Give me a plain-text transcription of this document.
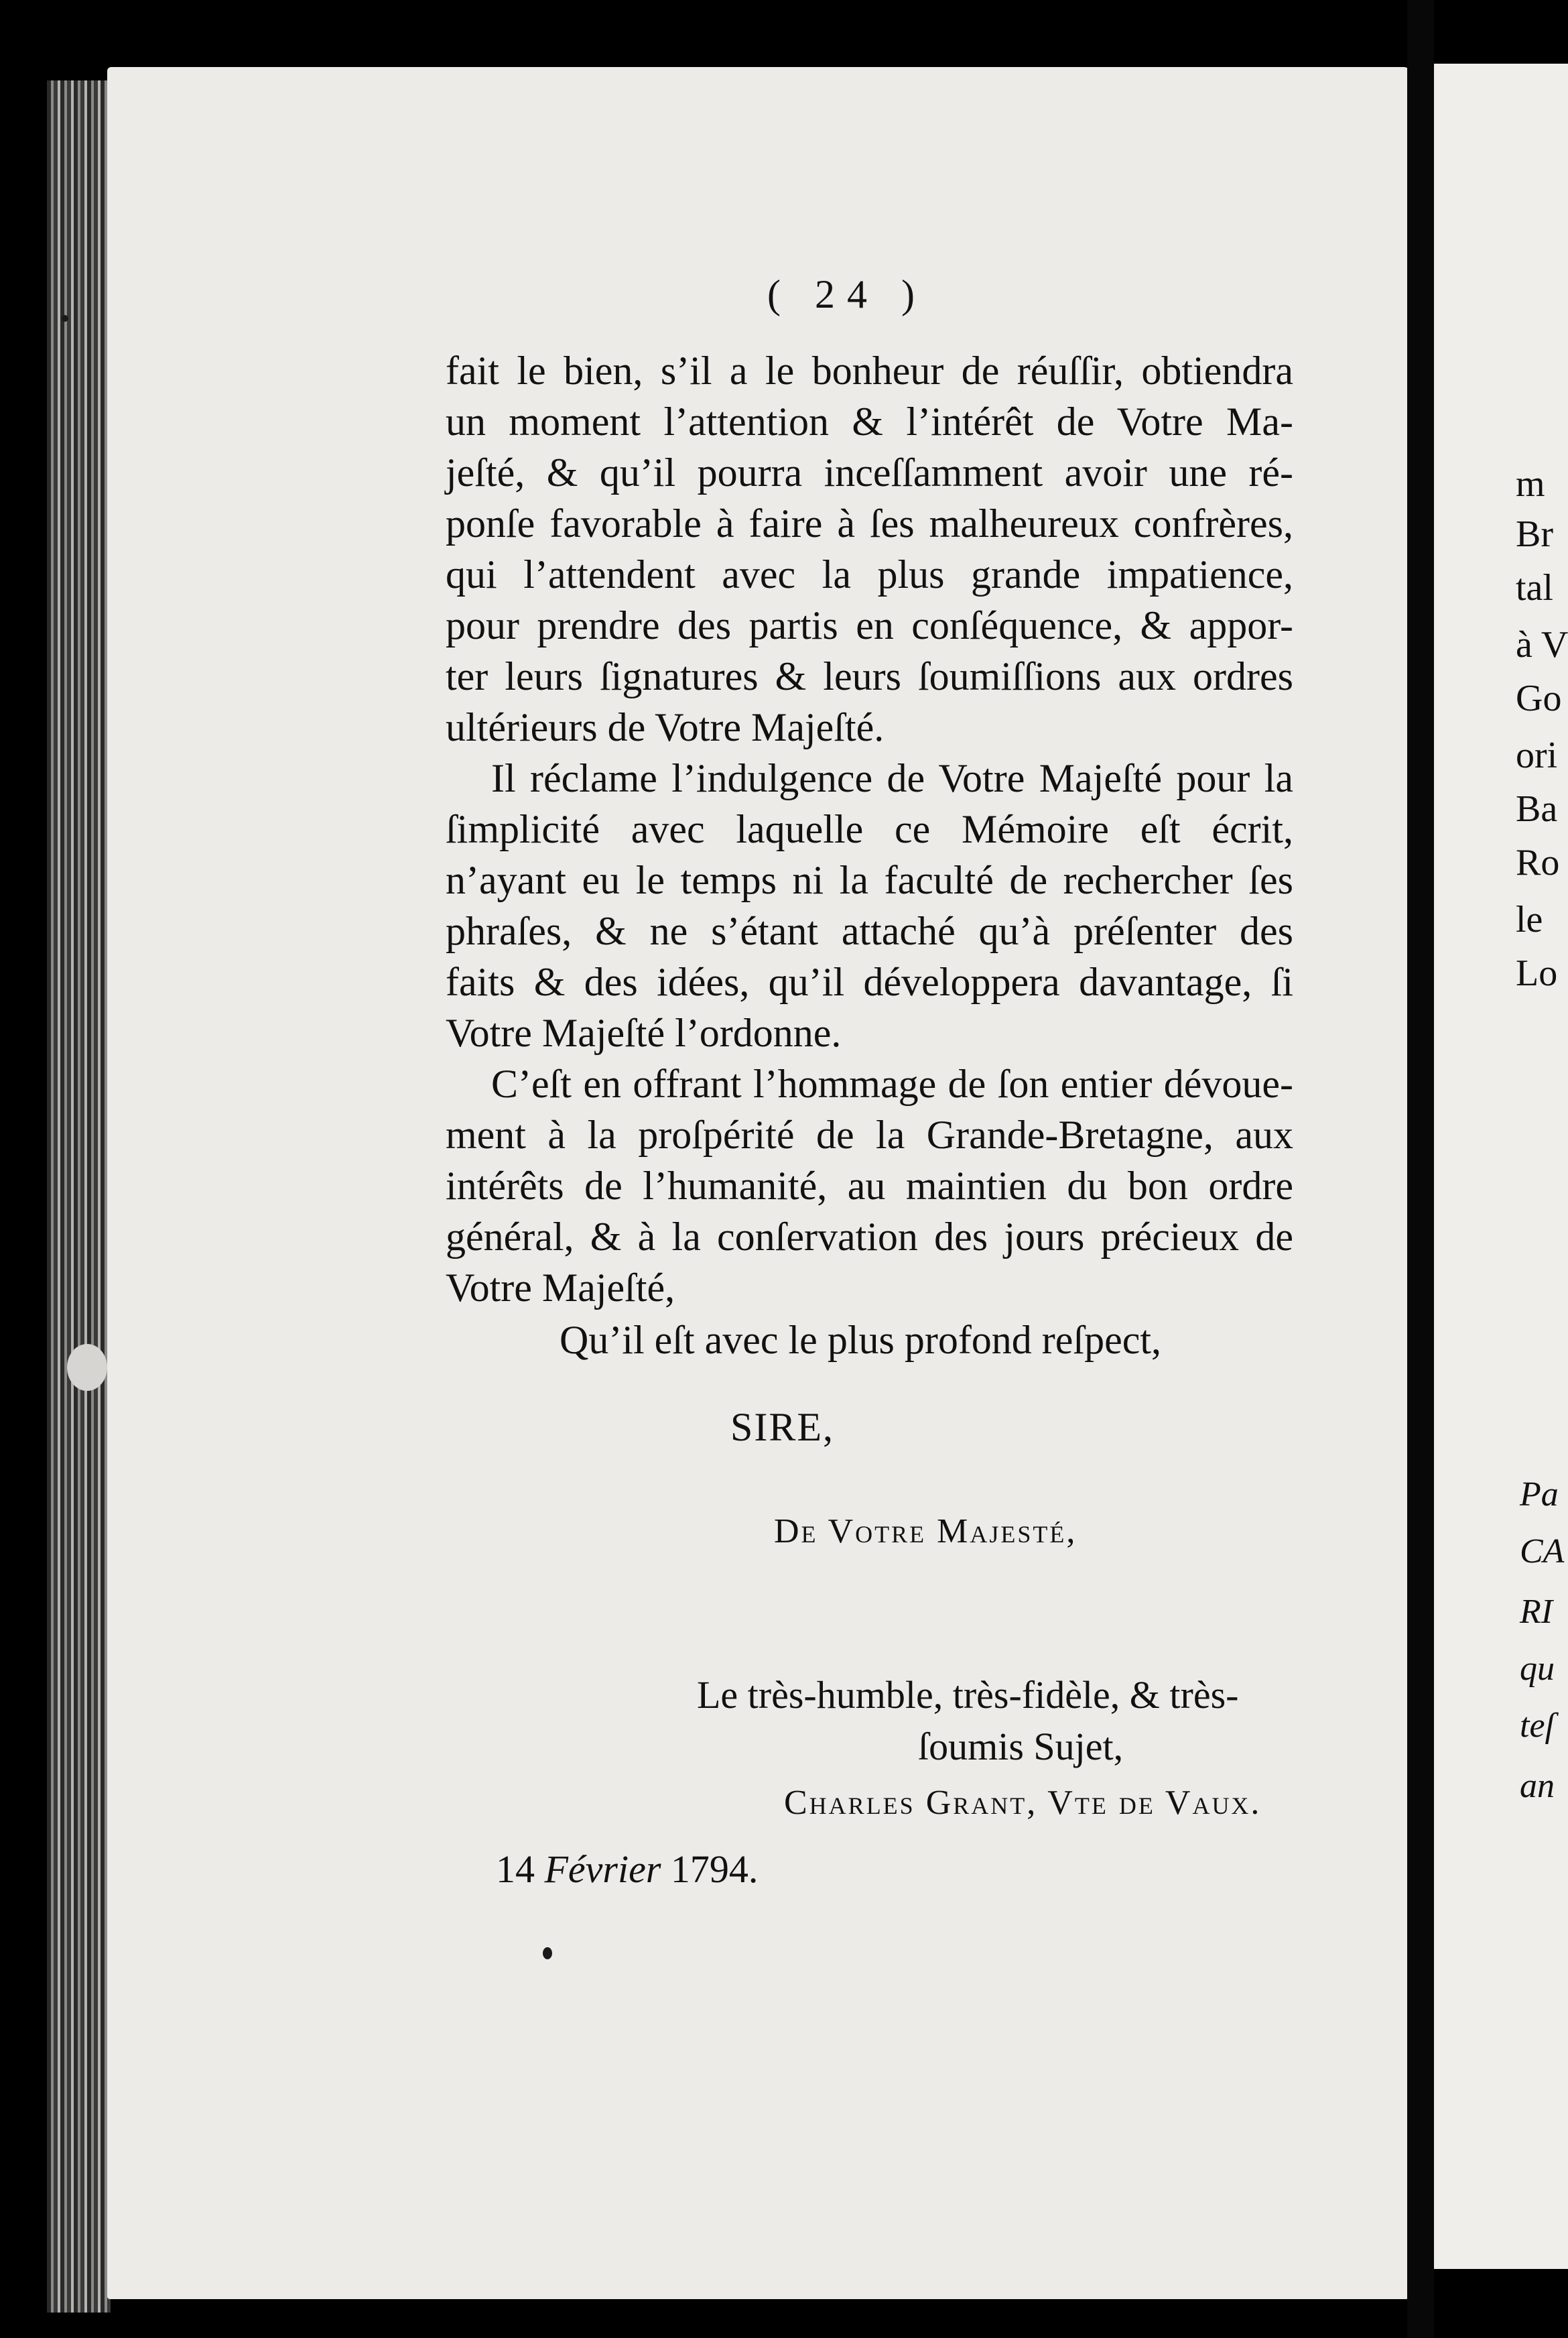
( 24 )
fait le bien, s’il a le bonheur de réuſſir, obtiendra
un moment l’attention & l’intérêt de Votre Ma-
jeſté, & qu’il pourra inceſſamment avoir une ré-
ponſe favorable à faire à ſes malheureux confrères,
qui l’attendent avec la plus grande impatience,
pour prendre des partis en conſéquence, & appor-
ter leurs ſignatures & leurs ſoumiſſions aux ordres
ultérieurs de Votre Majeſté.
Il réclame l’indulgence de Votre Majeſté pour la
ſimplicité avec laquelle ce Mémoire eſt écrit,
n’ayant eu le temps ni la faculté de rechercher ſes
phraſes, & ne s’étant attaché qu’à préſenter des
faits & des idées, qu’il développera davantage, ſi
Votre Majeſté l’ordonne.
C’eſt en offrant l’hommage de ſon entier dévoue-
ment à la proſpérité de la Grande-Bretagne, aux
intérêts de l’humanité, au maintien du bon ordre
général, & à la conſervation des jours précieux de
Votre Majeſté,
Qu’il eſt avec le plus profond reſpect,
SIRE,
De Votre Majesté,
Le très-humble, très-fidèle, & très-
ſoumis Sujet,
Charles Grant, Vte de Vaux.
14 Février 1794.
m
Br
tal
à V
Go
ori
Ba
Ro
le
Lo
Pa
CA
RI
qu
teſ
an
